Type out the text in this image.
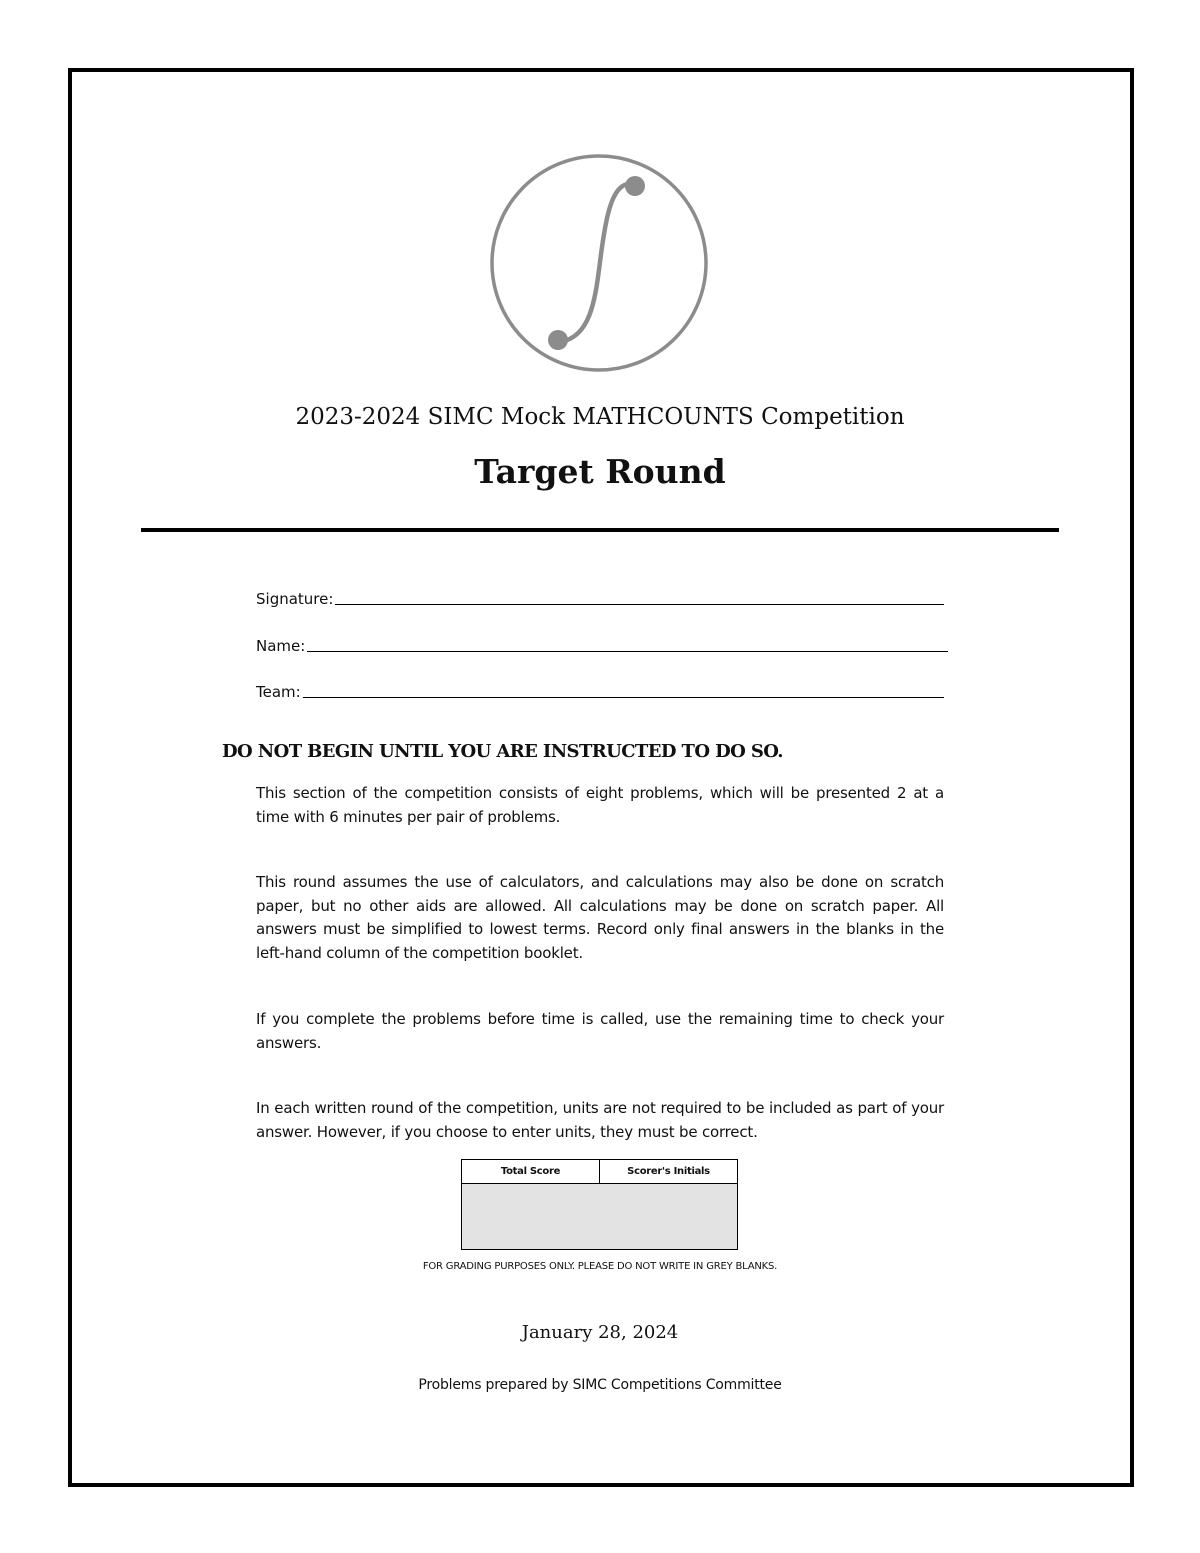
2023-2024 SIMC Mock MATHCOUNTS Competition
Target Round
Signature:
Name:
Team:
DO NOT BEGIN UNTIL YOU ARE INSTRUCTED TO DO SO.

This section of the competition consists of eight problems, which will be presented 2 at a time with 6 minutes per pair of problems.

This round assumes the use of calculators, and calculations may also be done on scratch paper, but no other aids are allowed. All calculations may be done on scratch paper. All answers must be simplified to lowest terms. Record only final answers in the blanks in the left-hand column of the competition booklet.

If you complete the problems before time is called, use the remaining time to check your answers.

In each written round of the competition, units are not required to be included as part of your answer. However, if you choose to enter units, they must be correct.

Total Score	Scorer's Initials
FOR GRADING PURPOSES ONLY. PLEASE DO NOT WRITE IN GREY BLANKS.
January 28, 2024
Problems prepared by SIMC Competitions Committee
